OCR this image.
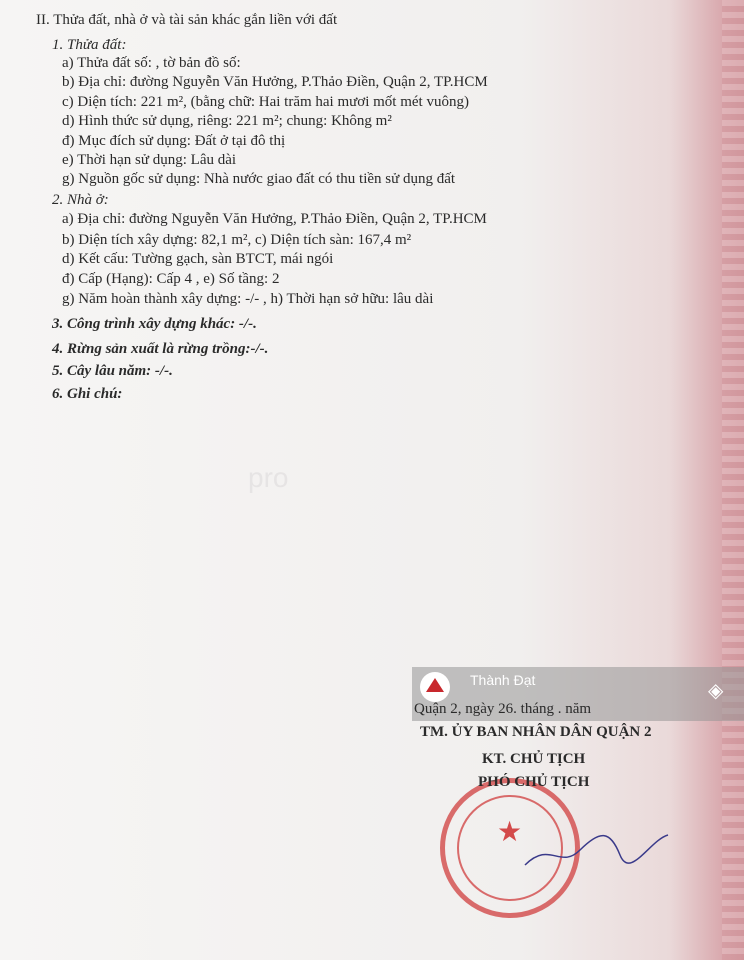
pro
II. Thửa đất, nhà ở và tài sản khác gắn liền với đất
1. Thửa đất:
a) Thửa đất số: , tờ bản đồ số:
b) Địa chỉ: đường Nguyễn Văn Hưởng, P.Thảo Điền, Quận 2, TP.HCM
c) Diện tích: 221 m², (bằng chữ: Hai trăm hai mươi mốt mét vuông)
d) Hình thức sử dụng, riêng: 221 m²; chung: Không m²
đ) Mục đích sử dụng: Đất ở tại đô thị
e) Thời hạn sử dụng: Lâu dài
g) Nguồn gốc sử dụng: Nhà nước giao đất có thu tiền sử dụng đất
2. Nhà ở:
a) Địa chỉ: đường Nguyễn Văn Hưởng, P.Thảo Điền, Quận 2, TP.HCM
b) Diện tích xây dựng: 82,1 m², c) Diện tích sàn: 167,4 m²
d) Kết cấu: Tường gạch, sàn BTCT, mái ngói
đ) Cấp (Hạng): Cấp 4 , e) Số tầng: 2
g) Năm hoàn thành xây dựng: -/- , h) Thời hạn sở hữu: lâu dài
3. Công trình xây dựng khác: -/-.
4. Rừng sản xuất là rừng trồng:-/-.
5. Cây lâu năm: -/-.
6. Ghi chú:
★
Thành Đạt	◈
Quận 2, ngày 26. tháng . năm
TM. ỦY BAN NHÂN DÂN QUẬN 2
KT. CHỦ TỊCH
PHÓ CHỦ TỊCH
